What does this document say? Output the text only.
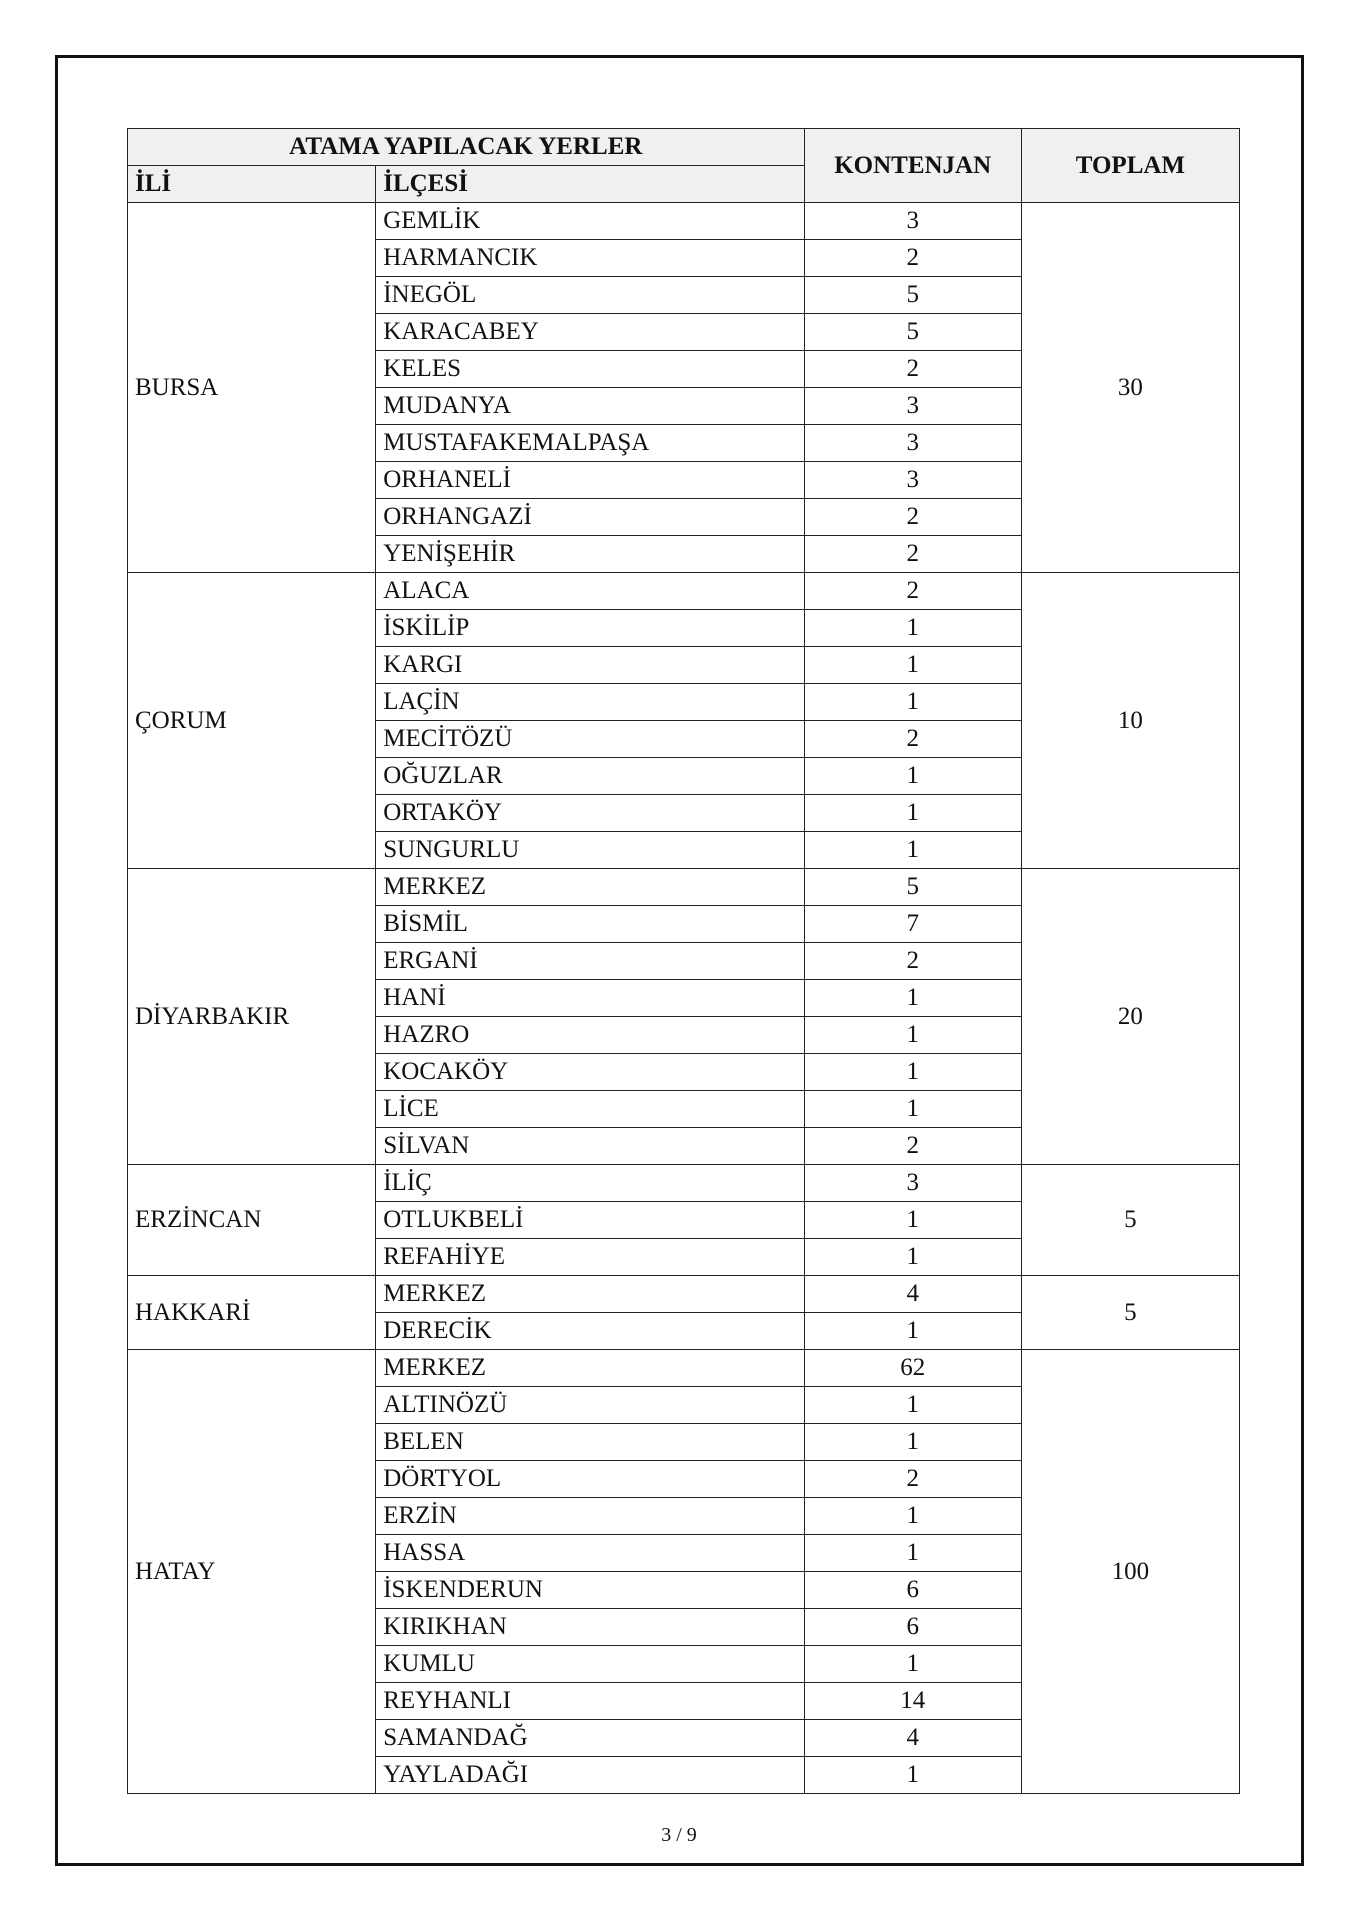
ATAMA YAPILACAK YERLER		KONTENJAN	TOPLAM
İLİ	İLÇESİ		
BURSA	GEMLİK	3	30
	HARMANCIK	2	
	İNEGÖL	5	
	KARACABEY	5	
	KELES	2	
	MUDANYA	3	
	MUSTAFAKEMALPAŞA	3	
	ORHANELİ	3	
	ORHANGAZİ	2	
	YENİŞEHİR	2	
ÇORUM	ALACA	2	10
	İSKİLİP	1	
	KARGI	1	
	LAÇİN	1	
	MECİTÖZÜ	2	
	OĞUZLAR	1	
	ORTAKÖY	1	
	SUNGURLU	1	
DİYARBAKIR	MERKEZ	5	20
	BİSMİL	7	
	ERGANİ	2	
	HANİ	1	
	HAZRO	1	
	KOCAKÖY	1	
	LİCE	1	
	SİLVAN	2	
ERZİNCAN	İLİÇ	3	5
	OTLUKBELİ	1	
	REFAHİYE	1	
HAKKARİ	MERKEZ	4	5
	DERECİK	1	
HATAY	MERKEZ	62	100
	ALTINÖZÜ	1	
	BELEN	1	
	DÖRTYOL	2	
	ERZİN	1	
	HASSA	1	
	İSKENDERUN	6	
	KIRIKHAN	6	
	KUMLU	1	
	REYHANLI	14	
	SAMANDAĞ	4	
	YAYLADAĞI	1	
3 / 9
